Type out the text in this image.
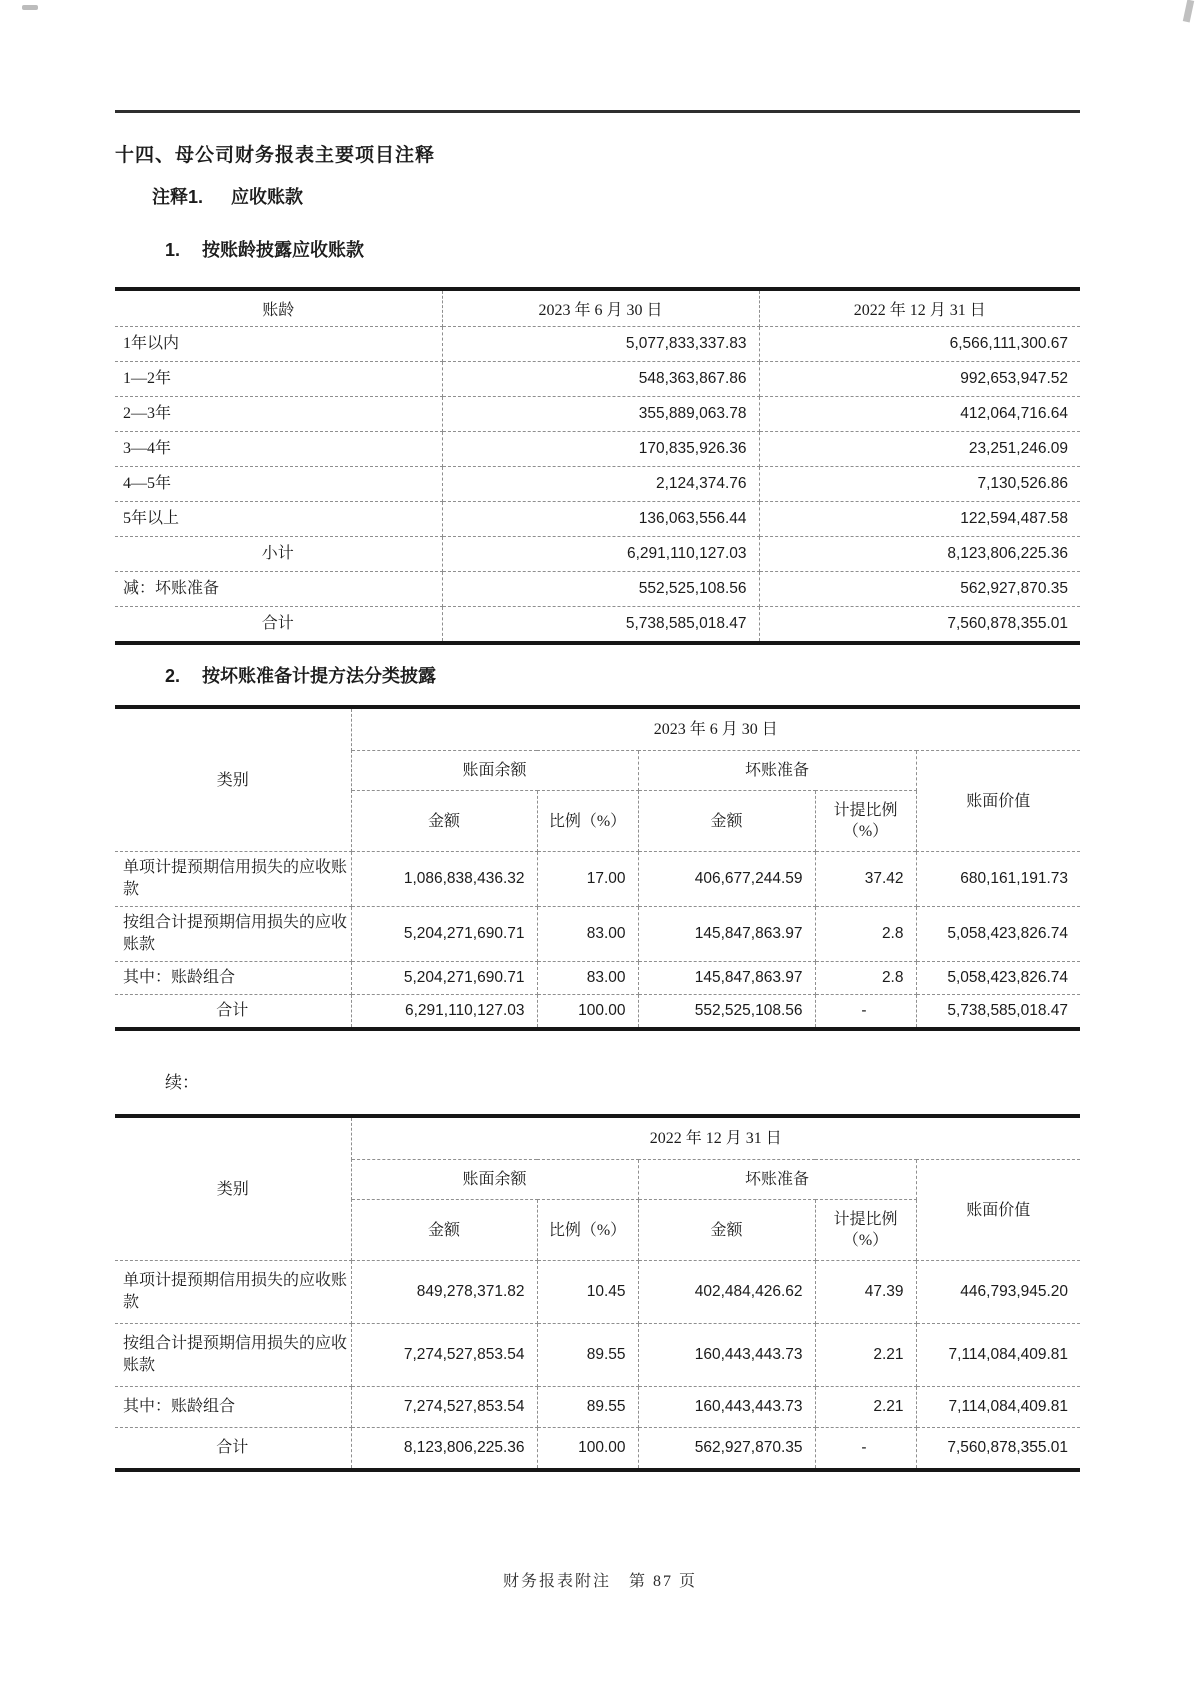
十四、母公司财务报表主要项目注释
注释1. 应收账款
1. 按账龄披露应收账款
账龄	2023 年 6 月 30 日	2022 年 12 月 31 日
1年以内	5,077,833,337.83	6,566,111,300.67
1—2年	548,363,867.86	992,653,947.52
2—3年	355,889,063.78	412,064,716.64
3—4年	170,835,926.36	23,251,246.09
4—5年	2,124,374.76	7,130,526.86
5年以上	136,063,556.44	122,594,487.58
小计	6,291,110,127.03	8,123,806,225.36
减：坏账准备	552,525,108.56	562,927,870.35
合计	5,738,585,018.47	7,560,878,355.01
2. 按坏账准备计提方法分类披露
类别	2023 年 6 月 30 日				
	账面余额		坏账准备		账面价值
	金额	比例（%）	金额	计提比例（%）	
单项计提预期信用损失的应收账款	1,086,838,436.32	17.00	406,677,244.59	37.42	680,161,191.73
按组合计提预期信用损失的应收账款	5,204,271,690.71	83.00	145,847,863.97	2.8	5,058,423,826.74
其中：账龄组合	5,204,271,690.71	83.00	145,847,863.97	2.8	5,058,423,826.74
合计	6,291,110,127.03	100.00	552,525,108.56	-	5,738,585,018.47
续：
类别	2022 年 12 月 31 日				
	账面余额		坏账准备		账面价值
	金额	比例（%）	金额	计提比例（%）	
单项计提预期信用损失的应收账款	849,278,371.82	10.45	402,484,426.62	47.39	446,793,945.20
按组合计提预期信用损失的应收账款	7,274,527,853.54	89.55	160,443,443.73	2.21	7,114,084,409.81
其中：账龄组合	7,274,527,853.54	89.55	160,443,443.73	2.21	7,114,084,409.81
合计	8,123,806,225.36	100.00	562,927,870.35	-	7,560,878,355.01
财务报表附注　第 87 页
